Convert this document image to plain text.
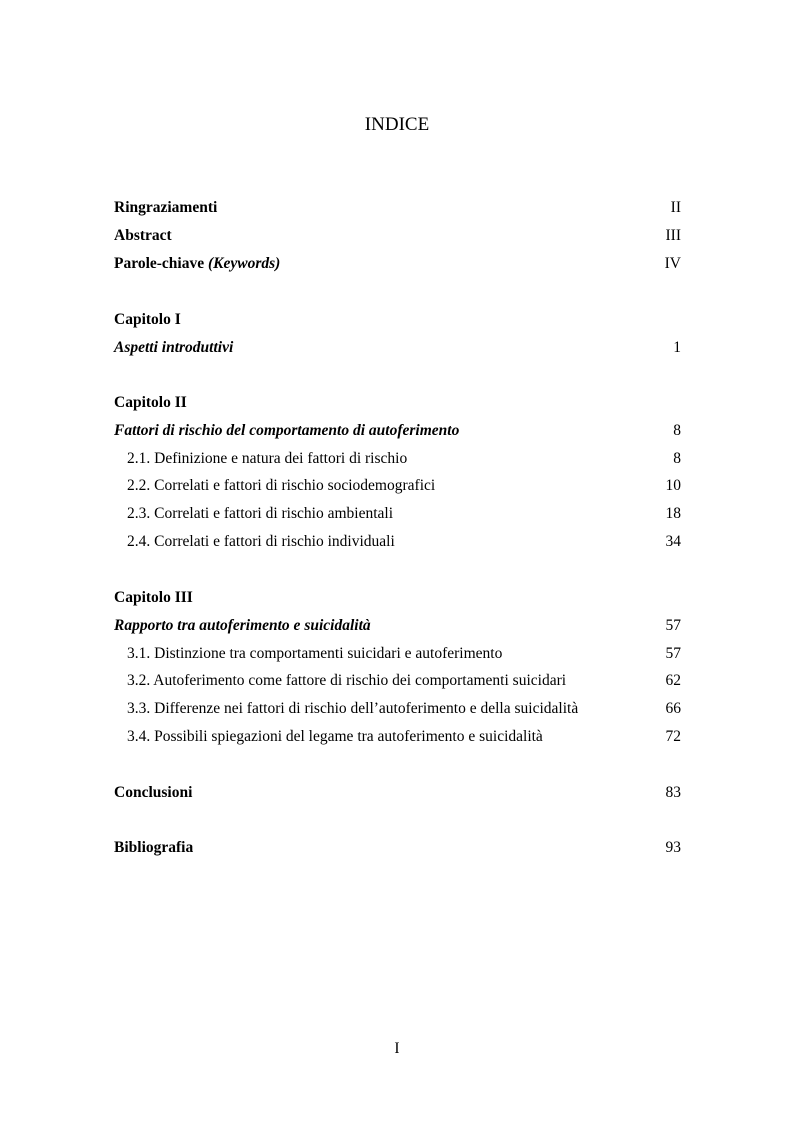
INDICE
Ringraziamenti	II
Abstract	III
Parole-chiave (Keywords)	IV
Capitolo I
Aspetti introduttivi	1
Capitolo II
Fattori di rischio del comportamento di autoferimento	8
2.1. Definizione e natura dei fattori di rischio	8
2.2. Correlati e fattori di rischio sociodemografici	10
2.3. Correlati e fattori di rischio ambientali	18
2.4. Correlati e fattori di rischio individuali	34
Capitolo III
Rapporto tra autoferimento e suicidalità	57
3.1. Distinzione tra comportamenti suicidari e autoferimento	57
3.2. Autoferimento come fattore di rischio dei comportamenti suicidari	62
3.3. Differenze nei fattori di rischio dell’autoferimento e della suicidalità	66
3.4. Possibili spiegazioni del legame tra autoferimento e suicidalità	72
Conclusioni	83
Bibliografia	93
I
